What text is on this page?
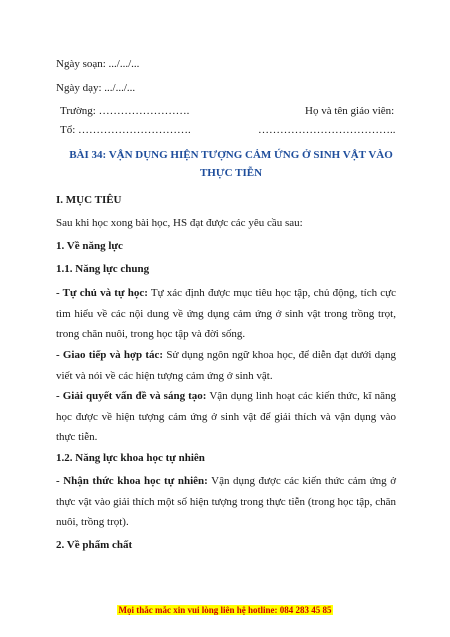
Ngày soạn: .../.../...
Ngày dạy: .../.../...
Trường: …………………….	Họ và tên giáo viên:
Tổ: ………………………….	………………………………..
BÀI 34: VẬN DỤNG HIỆN TƯỢNG CẢM ỨNG Ở SINH VẬT VÀO
THỰC TIỄN
I. MỤC TIÊU
Sau khi học xong bài học, HS đạt được các yêu cầu sau:
1. Về năng lực
1.1. Năng lực chung
- Tự chủ và tự học: Tự xác định được mục tiêu học tập, chủ động, tích cực tìm hiểu về các nội dung về ứng dụng cảm ứng ở sinh vật trong trồng trọt, trong chăn nuôi, trong học tập và đời sống.
- Giao tiếp và hợp tác: Sử dụng ngôn ngữ khoa học, để diễn đạt dưới dạng viết và nói về các hiện tượng cảm ứng ở sinh vật.
- Giải quyết vấn đề và sáng tạo: Vận dụng linh hoạt các kiến thức, kĩ năng học được về hiện tượng cảm ứng ở sinh vật để giải thích và vận dụng vào thực tiễn.
1.2. Năng lực khoa học tự nhiên
- Nhận thức khoa học tự nhiên: Vận dụng được các kiến thức cảm ứng ở thực vật vào giải thích một số hiện tượng trong thực tiễn (trong học tập, chăn nuôi, trồng trọt).
2. Về phẩm chất
Mọi thắc mắc xin vui lòng liên hệ hotline: 084 283 45 85
